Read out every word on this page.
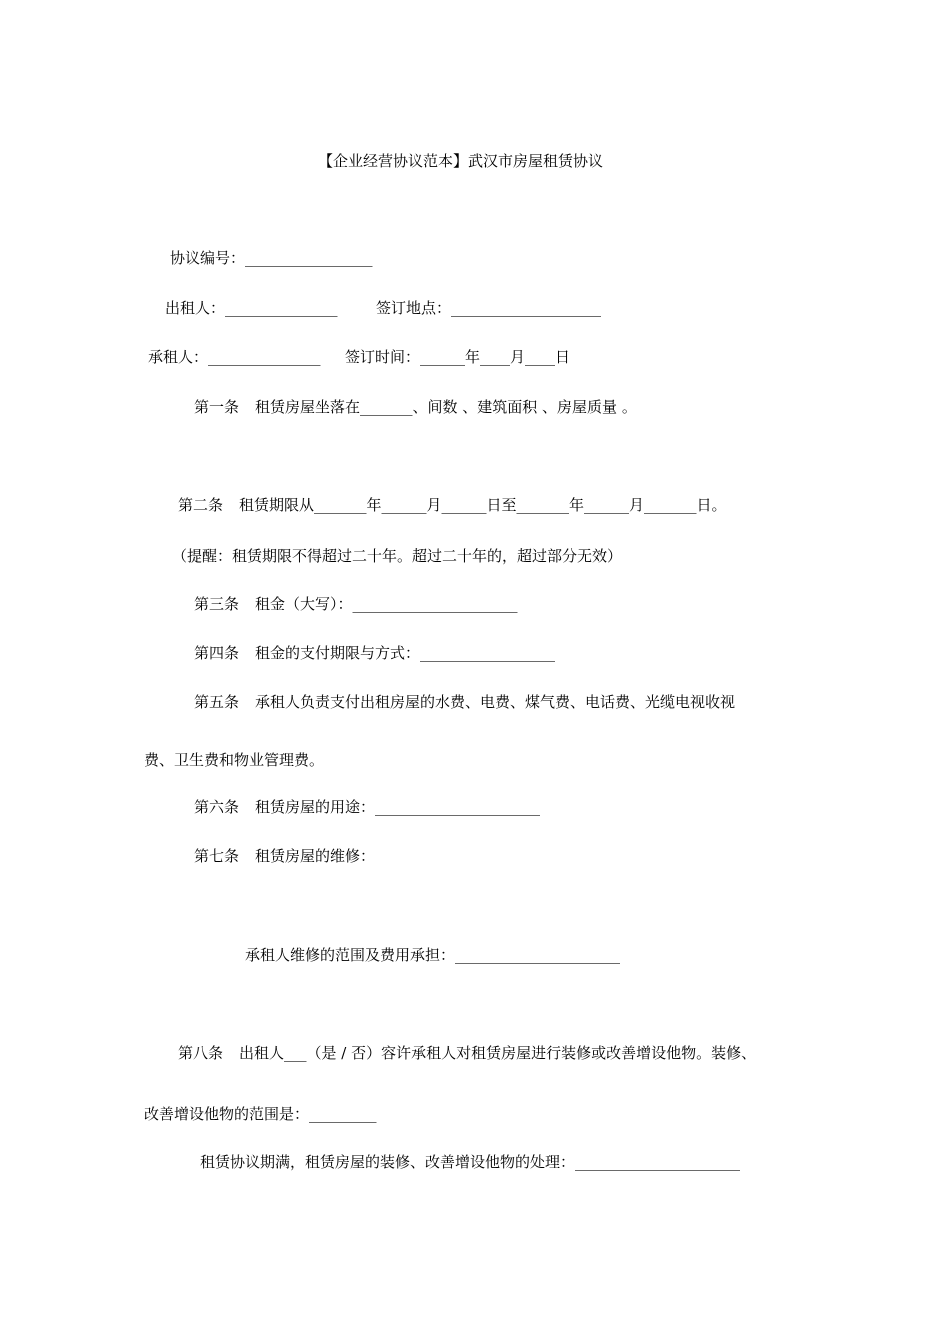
【企业经营协议范本】武汉市房屋租赁协议
协议编号：_________________
出租人：_______________	签订地点：____________________
承租人：_______________ 签订时间：______年____月____日
第一条 租赁房屋坐落在_______、间数 、建筑面积 、房屋质量 。
第二条 租赁期限从_______年______月______日至_______年______月_______日。
（提醒：租赁期限不得超过二十年。超过二十年的，超过部分无效）
第三条 租金（大写）：______________________
第四条 租金的支付期限与方式：__________________
第五条 承租人负责支付出租房屋的水费、电费、煤气费、电话费、光缆电视收视
费、卫生费和物业管理费。
第六条 租赁房屋的用途：______________________
第七条 租赁房屋的维修：
承租人维修的范围及费用承担：______________________
第八条 出租人___（是 / 否）容许承租人对租赁房屋进行装修或改善增设他物。装修、
改善增设他物的范围是：_________
租赁协议期满，租赁房屋的装修、改善增设他物的处理：______________________
